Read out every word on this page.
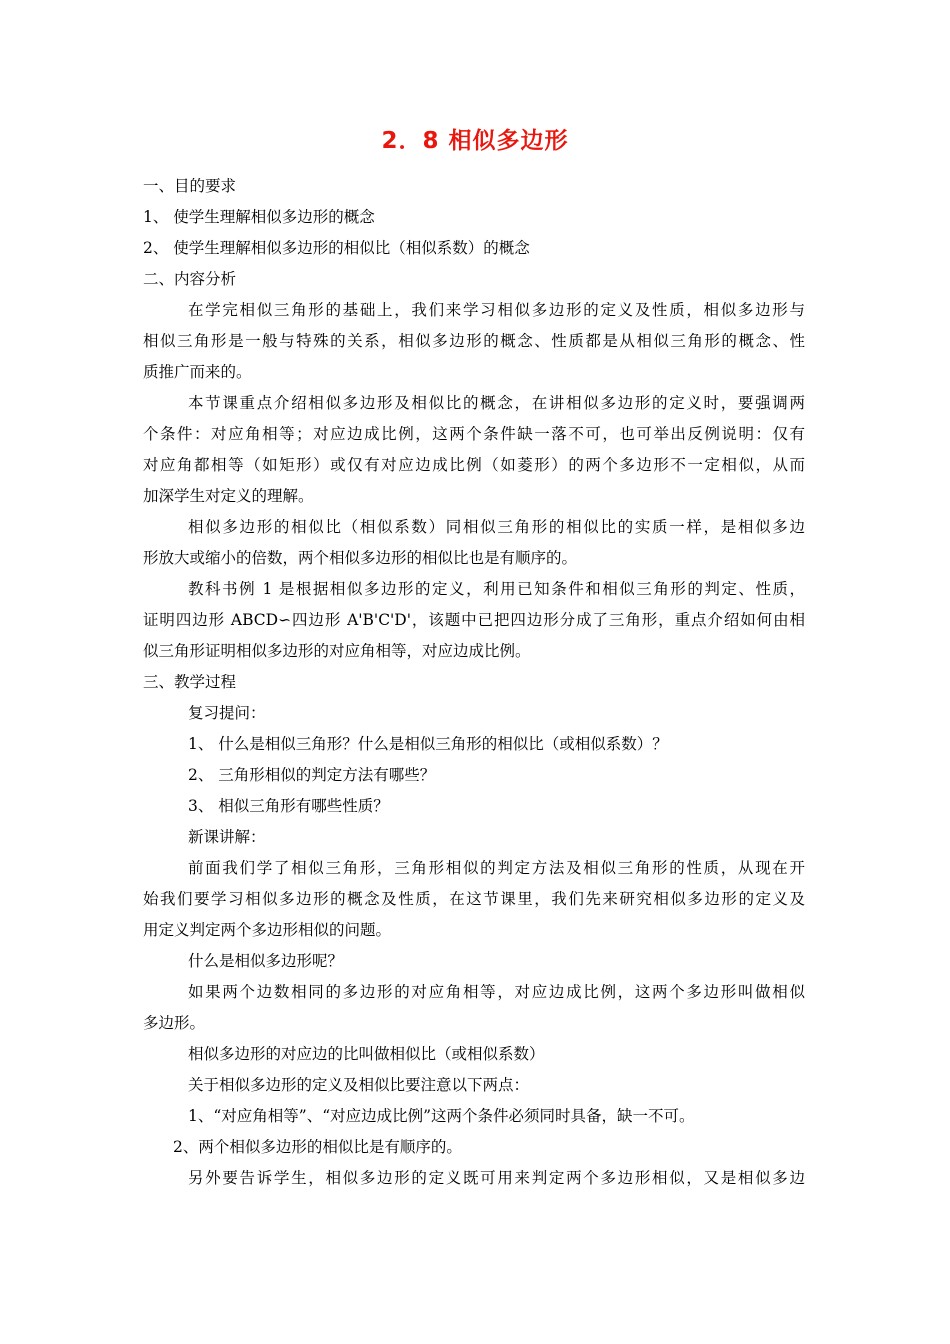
2．8 相似多边形
一、目的要求
1、 使学生理解相似多边形的概念
2、 使学生理解相似多边形的相似比（相似系数）的概念
二、内容分析
在学完相似三角形的基础上，我们来学习相似多边形的定义及性质，相似多边形与
相似三角形是一般与特殊的关系，相似多边形的概念、性质都是从相似三角形的概念、性
质推广而来的。
本节课重点介绍相似多边形及相似比的概念，在讲相似多边形的定义时，要强调两
个条件：对应角相等；对应边成比例，这两个条件缺一落不可，也可举出反例说明：仅有
对应角都相等（如矩形）或仅有对应边成比例（如菱形）的两个多边形不一定相似，从而
加深学生对定义的理解。
相似多边形的相似比（相似系数）同相似三角形的相似比的实质一样，是相似多边
形放大或缩小的倍数，两个相似多边形的相似比也是有顺序的。
教科书例 1 是根据相似多边形的定义，利用已知条件和相似三角形的判定、性质，
证明四边形 ABCD∽四边形 A'B'C'D'，该题中已把四边形分成了三角形，重点介绍如何由相
似三角形证明相似多边形的对应角相等，对应边成比例。
三、教学过程
复习提问：
1、 什么是相似三角形？什么是相似三角形的相似比（或相似系数）？
2、 三角形相似的判定方法有哪些？
3、 相似三角形有哪些性质？
新课讲解：
前面我们学了相似三角形，三角形相似的判定方法及相似三角形的性质，从现在开
始我们要学习相似多边形的概念及性质，在这节课里，我们先来研究相似多边形的定义及
用定义判定两个多边形相似的问题。
什么是相似多边形呢？
如果两个边数相同的多边形的对应角相等，对应边成比例，这两个多边形叫做相似
多边形。
相似多边形的对应边的比叫做相似比（或相似系数）
关于相似多边形的定义及相似比要注意以下两点：
1、“对应角相等”、“对应边成比例”这两个条件必须同时具备，缺一不可。
2、两个相似多边形的相似比是有顺序的。
另外要告诉学生，相似多边形的定义既可用来判定两个多边形相似，又是相似多边
